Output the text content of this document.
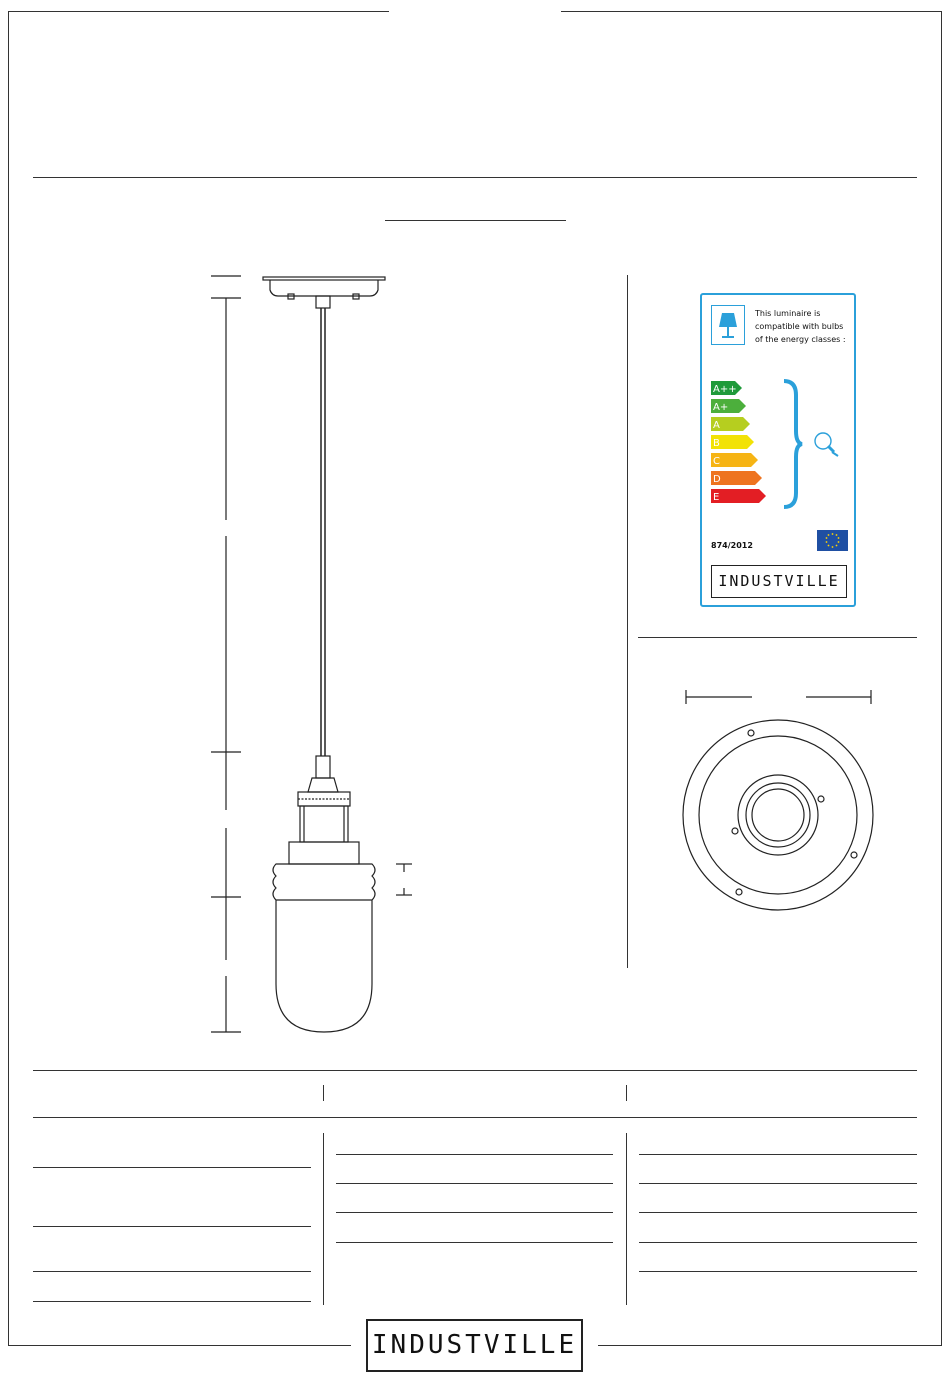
This luminaire is
compatible with bulbs
of the energy classes :
A++
A+
A
B
C
D
E
874/2012
INDUSTVILLE
INDUSTVILLE
